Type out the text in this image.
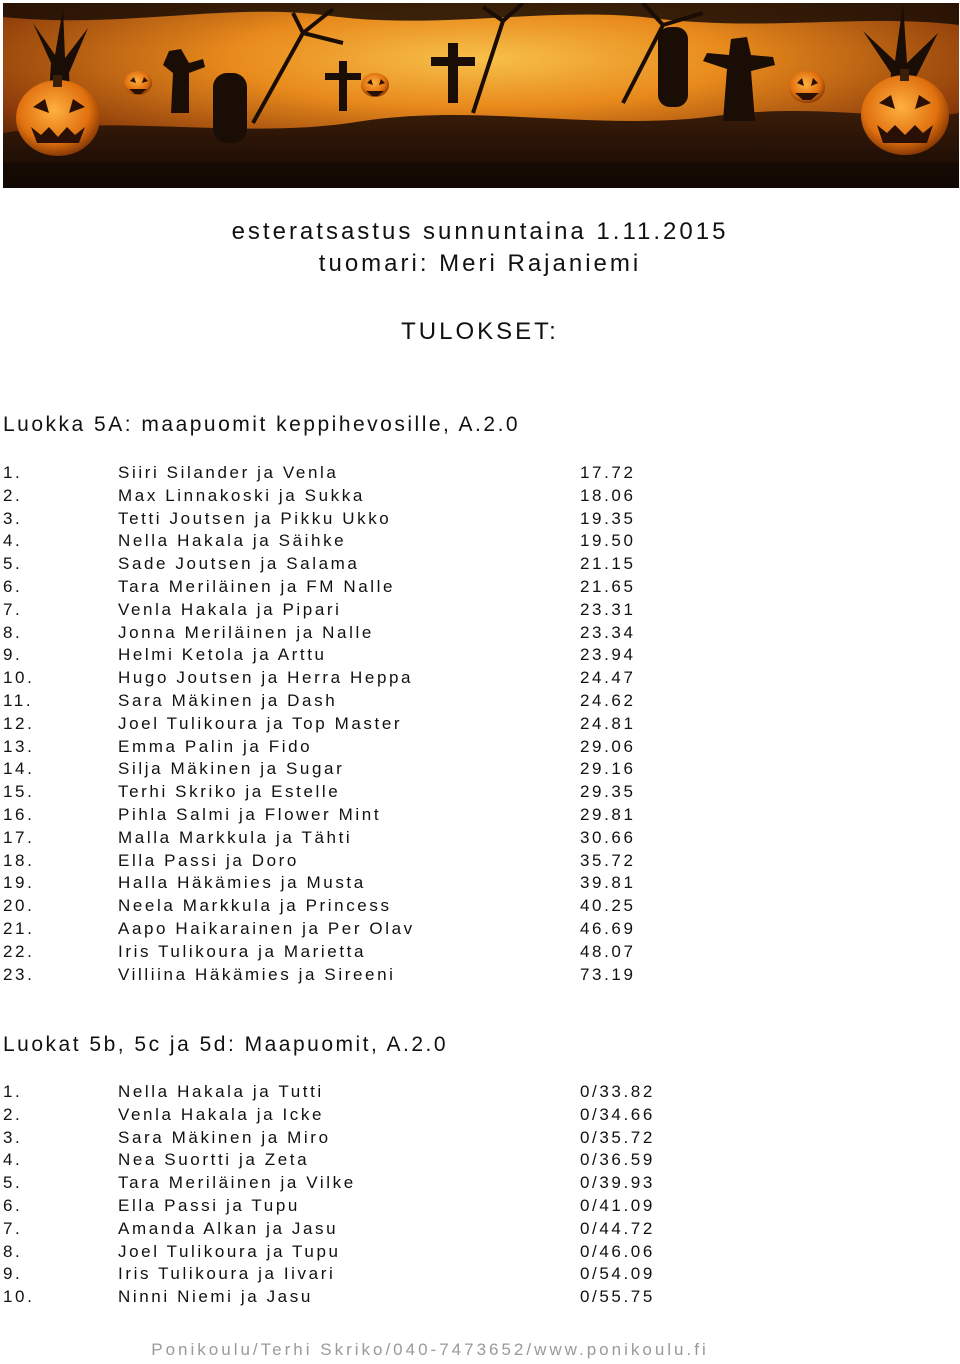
esteratsastus sunnuntaina 1.11.2015
tuomari: Meri Rajaniemi
TULOKSET:
Luokka 5A: maapuomit keppihevosille, A.2.0
1.	Siiri Silander ja Venla	17.72
2.	Max Linnakoski ja Sukka	18.06
3.	Tetti Joutsen ja Pikku Ukko	19.35
4.	Nella Hakala ja Säihke	19.50
5.	Sade Joutsen ja Salama	21.15
6.	Tara Meriläinen ja FM Nalle	21.65
7.	Venla Hakala ja Pipari	23.31
8.	Jonna Meriläinen ja Nalle	23.34
9.	Helmi Ketola ja Arttu	23.94
10.	Hugo Joutsen ja Herra Heppa	24.47
11.	Sara Mäkinen ja Dash	24.62
12.	Joel Tulikoura ja Top Master	24.81
13.	Emma Palin ja Fido	29.06
14.	Silja Mäkinen ja Sugar	29.16
15.	Terhi Skriko ja Estelle	29.35
16.	Pihla Salmi ja Flower Mint	29.81
17.	Malla Markkula ja Tähti	30.66
18.	Ella Passi ja Doro	35.72
19.	Halla Häkämies ja Musta	39.81
20.	Neela Markkula ja Princess	40.25
21.	Aapo Haikarainen ja Per Olav	46.69
22.	Iris Tulikoura ja Marietta	48.07
23.	Villiina Häkämies ja Sireeni	73.19
Luokat 5b, 5c ja 5d: Maapuomit, A.2.0
1.	Nella Hakala ja Tutti	0/33.82
2.	Venla Hakala ja Icke	0/34.66
3.	Sara Mäkinen ja Miro	0/35.72
4.	Nea Suortti ja Zeta	0/36.59
5.	Tara Meriläinen ja Vilke	0/39.93
6.	Ella Passi ja Tupu	0/41.09
7.	Amanda Alkan ja Jasu	0/44.72
8.	Joel Tulikoura ja Tupu	0/46.06
9.	Iris Tulikoura ja Iivari	0/54.09
10.	Ninni Niemi ja Jasu	0/55.75
Ponikoulu/Terhi Skriko/040-7473652/www.ponikoulu.fi
